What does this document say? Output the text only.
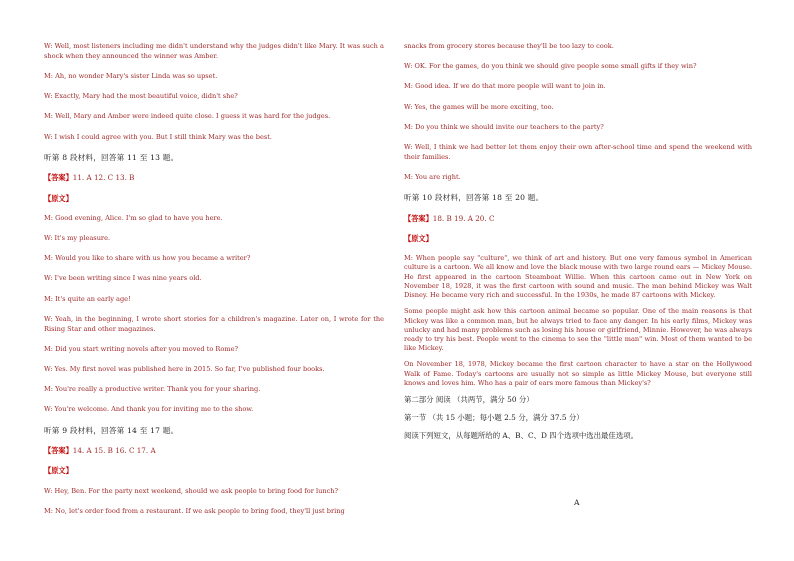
W: Well, most listeners including me didn't understand why the judges didn't like Mary. It was such a shock when they announced the winner was Amber.

M: Ah, no wonder Mary's sister Linda was so upset.

W: Exactly, Mary had the most beautiful voice, didn't she?

M: Well, Mary and Amber were indeed quite close. I guess it was hard for the judges.

W: I wish I could agree with you. But I still think Mary was the best.

听第 8 段材料，回答第 11 至 13 题。

【答案】11. A 12. C 13. B

【原文】

M: Good evening, Alice. I'm so glad to have you here.

W: It's my pleasure.

M: Would you like to share with us how you became a writer?

W: I've been writing since I was nine years old.

M: It's quite an early age!

W: Yeah, in the beginning, I wrote short stories for a children's magazine. Later on, I wrote for the Rising Star and other magazines.

M: Did you start writing novels after you moved to Rome?

W: Yes. My first novel was published here in 2015. So far, I've published four books.

M: You're really a productive writer. Thank you for your sharing.

W: You're welcome. And thank you for inviting me to the show.

听第 9 段材料，回答第 14 至 17 题。

【答案】14. A 15. B 16. C 17. A

【原文】

W: Hey, Ben. For the party next weekend, should we ask people to bring food for lunch?

M: No, let's order food from a restaurant. If we ask people to bring food, they'll just bring

snacks from grocery stores because they'll be too lazy to cook.

W: OK. For the games, do you think we should give people some small gifts if they win?

M: Good idea. If we do that more people will want to join in.

W: Yes, the games will be more exciting, too.

M: Do you think we should invite our teachers to the party?

W: Well, I think we had better let them enjoy their own after-school time and spend the weekend with their families.

M: You are right.

听第 10 段材料，回答第 18 至 20 题。

【答案】18. B 19. A 20. C

【原文】

M: When people say "culture", we think of art and history. But one very famous symbol in American culture is a cartoon. We all know and love the black mouse with two large round ears — Mickey Mouse. He first appeared in the cartoon Steamboat Willie. When this cartoon came out in New York on November 18, 1928, it was the first cartoon with sound and music. The man behind Mickey was Walt Disney. He became very rich and successful. In the 1930s, he made 87 cartoons with Mickey.

Some people might ask how this cartoon animal became so popular. One of the main reasons is that Mickey was like a common man, but he always tried to face any danger. In his early films, Mickey was unlucky and had many problems such as losing his house or girlfriend, Minnie. However, he was always ready to try his best. People went to the cinema to see the "little man" win. Most of them wanted to be like Mickey.

On November 18, 1978, Mickey became the first cartoon character to have a star on the Hollywood Walk of Fame. Today's cartoons are usually not so simple as little Mickey Mouse, but everyone still knows and loves him. Who has a pair of ears more famous than Mickey's?

第二部分 阅读 （共两节，满分 50 分）

第一节 （共 15 小题；每小题 2.5 分，满分 37.5 分）

阅读下列短文，从每题所给的 A、B、C、D 四个选项中选出最佳选项。

A
